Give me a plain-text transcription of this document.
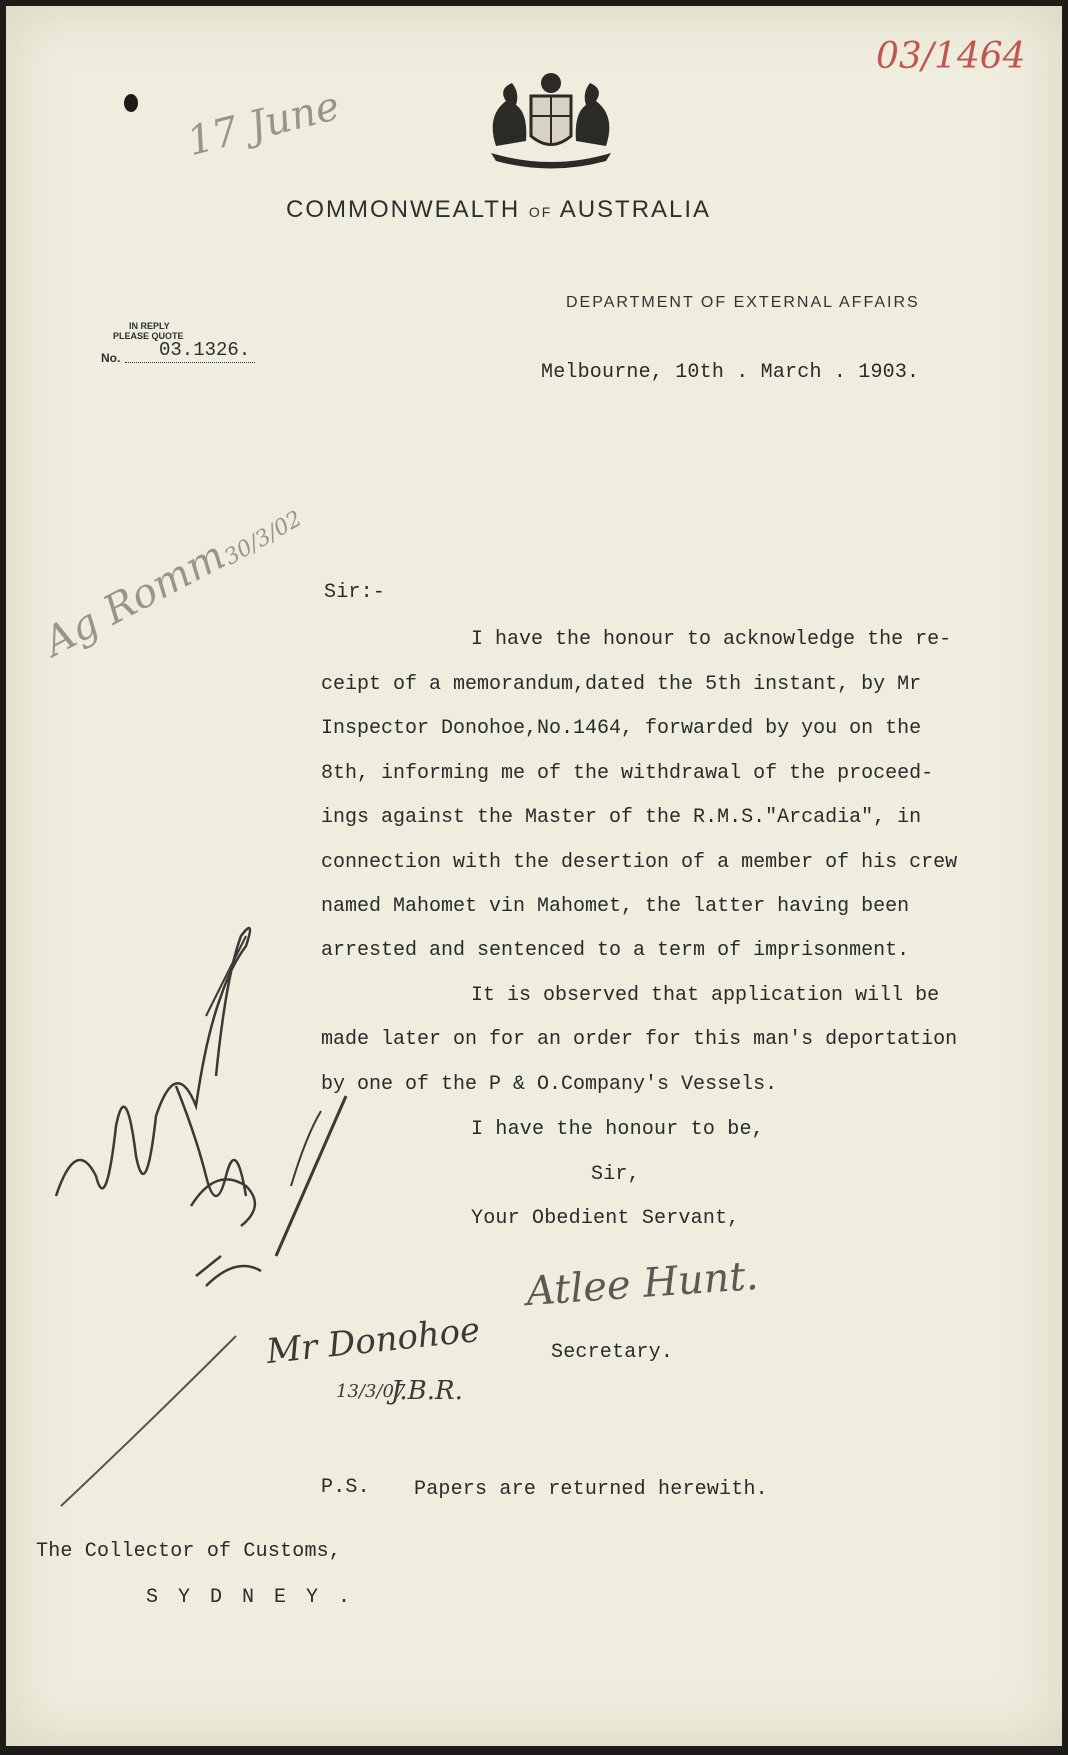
03/1464
17 June
COMMONWEALTH OF AUSTRALIA
DEPARTMENT OF EXTERNAL AFFAIRS
IN REPLY
PLEASE QUOTE
No. 03.1326.
Melbourne, 10th . March . 1903.
Ag Romm
30/3/02
Sir:-
I have the honour to acknowledge the re-
ceipt of a memorandum,dated the 5th instant, by Mr
Inspector Donohoe,No.1464, forwarded by you on the
8th, informing me of the withdrawal of the proceed-
ings against the Master of the R.M.S."Arcadia", in
connection with the desertion of a member of his crew
named Mahomet vin Mahomet, the latter having been
arrested and sentenced to a term of imprisonment.
It is observed that application will be
made later on for an order for this man's deportation
by one of the P & O.Company's Vessels.
I have the honour to be,
Sir,
Your Obedient Servant,
Atlee Hunt.
Secretary.
Mr Donohoe
13/3/07
J.B.R.
P.S. Papers are returned herewith.
The Collector of Customs,
S Y D N E Y .
